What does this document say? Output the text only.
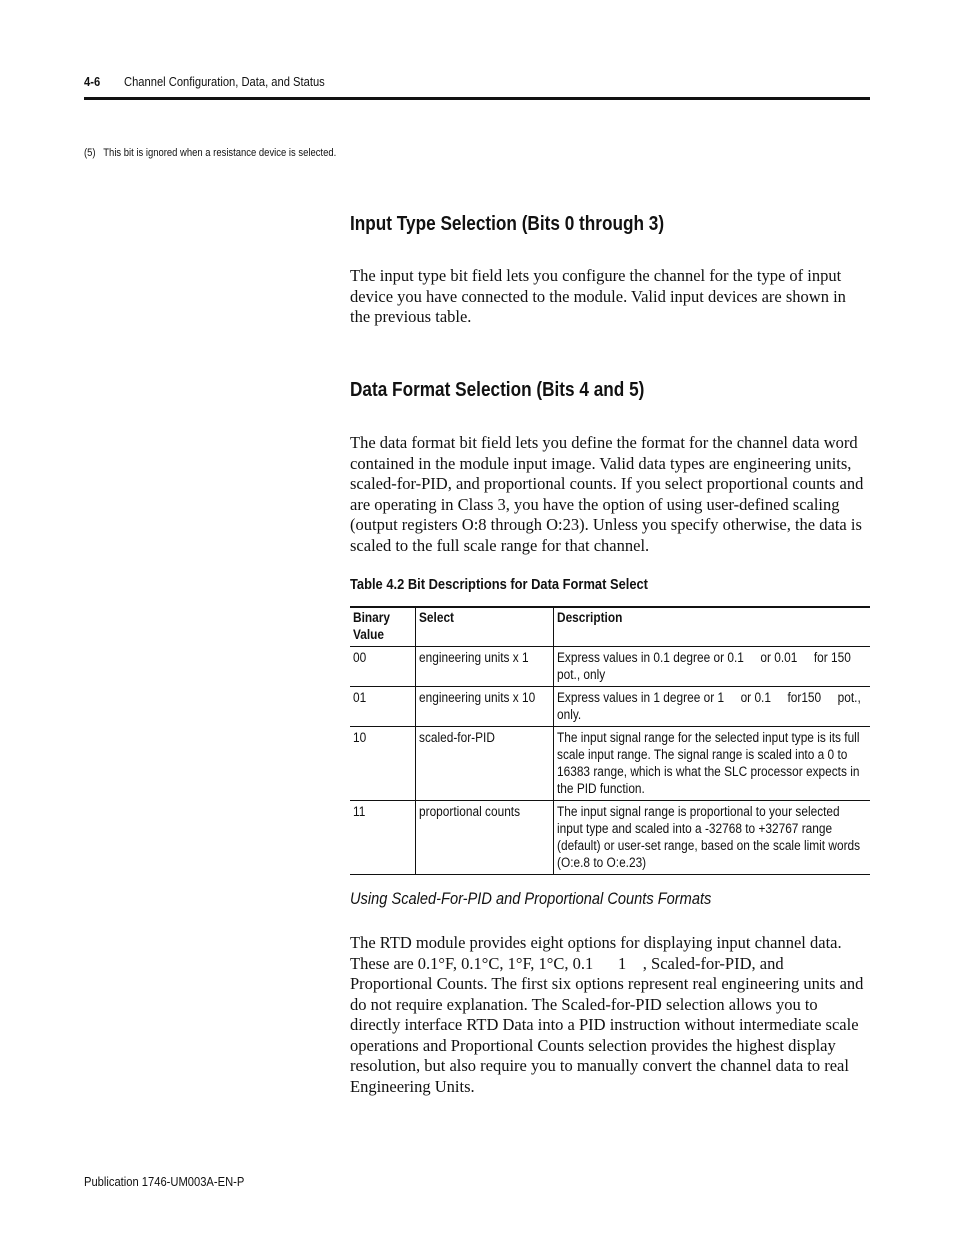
4-6 Channel Configuration, Data, and Status
(5)   This bit is ignored when a resistance device is selected.
Input Type Selection (Bits 0 through 3)
The input type bit field lets you configure the channel for the type of input device you have connected to the module. Valid input devices are shown in the previous table.
Data Format Selection (Bits 4 and 5)
The data format bit field lets you define the format for the channel data word contained in the module input image. Valid data types are engineering units, scaled-for-PID, and proportional counts. If you select proportional counts and are operating in Class 3, you have the option of using user-defined scaling (output registers O:8 through O:23). Unless you specify otherwise, the data is scaled to the full scale range for that channel.
Table 4.2 Bit Descriptions for Data Format Select
Binary Value	Select	Description
00	engineering units x 1	Express values in 0.1 degree or 0.1     or 0.01     for 150 pot., only
01	engineering units x 10	Express values in 1 degree or 1     or 0.1     for150     pot., only.
10	scaled-for-PID	The input signal range for the selected input type is its full scale input range. The signal range is scaled into a 0 to 16383 range, which is what the SLC processor expects in the PID function.
11	proportional counts	The input signal range is proportional to your selected input type and scaled into a -32768 to +32767 range (default) or user-set range, based on the scale limit words (O:e.8 to O:e.23)
Using Scaled-For-PID and Proportional Counts Formats
The RTD module provides eight options for displaying input channel data. These are 0.1°F, 0.1°C, 1°F, 1°C, 0.1      1    , Scaled-for-PID, and Proportional Counts. The first six options represent real engineering units and do not require explanation. The Scaled-for-PID selection allows you to directly interface RTD Data into a PID instruction without intermediate scale operations and Proportional Counts selection provides the highest display resolution, but also require you to manually convert the channel data to real Engineering Units.
Publication 1746-UM003A-EN-P
